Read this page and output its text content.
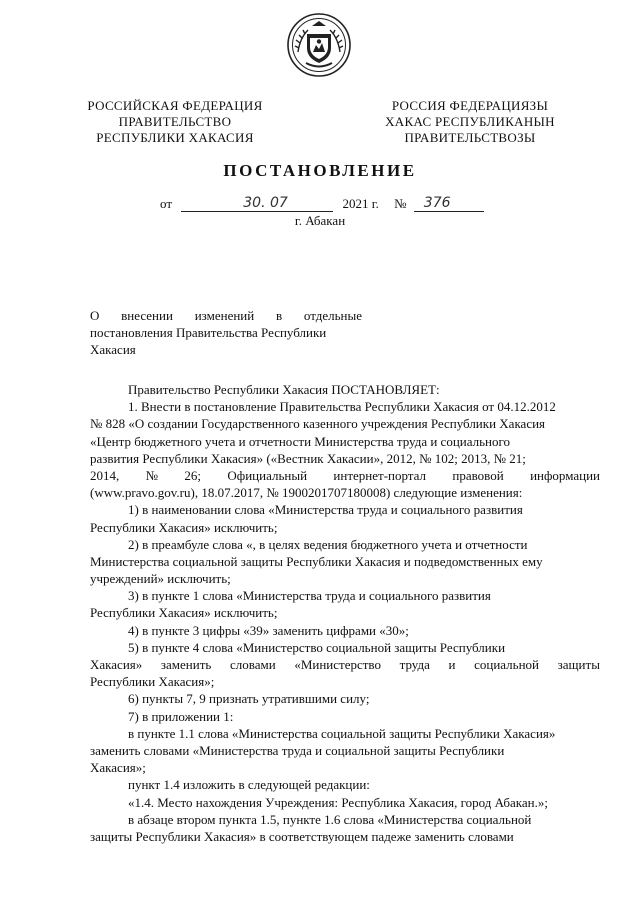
РОССИЙСКАЯ ФЕДЕРАЦИЯ
ПРАВИТЕЛЬСТВО
РЕСПУБЛИКИ ХАКАСИЯ
РОССИЯ ФЕДЕРАЦИЯЗЫ
ХАКАС РЕСПУБЛИКАНЫН
ПРАВИТЕЛЬСТВОЗЫ
ПОСТАНОВЛЕНИЕ
от	30. 07	2021 г. № 376
г. Абакан
О внесении изменений в отдельные
постановления Правительства Республики
Хакасия
Правительство Республики Хакасия ПОСТАНОВЛЯЕТ:
1. Внести в постановление Правительства Республики Хакасия от 04.12.2012
№ 828 «О создании Государственного казенного учреждения Республики Хакасия
«Центр бюджетного учета и отчетности Министерства труда и социального
развития Республики Хакасия» («Вестник Хакасии», 2012, № 102; 2013, № 21;
2014, № 26; Официальный интернет-портал правовой информации
(www.pravo.gov.ru), 18.07.2017, № 1900201707180008) следующие изменения:
1) в наименовании слова «Министерства труда и социального развития
Республики Хакасия» исключить;
2) в преамбуле слова «, в целях ведения бюджетного учета и отчетности
Министерства социальной защиты Республики Хакасия и подведомственных ему
учреждений» исключить;
3) в пункте 1 слова «Министерства труда и социального развития
Республики Хакасия» исключить;
4) в пункте 3 цифры «39» заменить цифрами «30»;
5) в пункте 4 слова «Министерство социальной защиты Республики
Хакасия» заменить словами «Министерство труда и социальной защиты
Республики Хакасия»;
6) пункты 7, 9 признать утратившими силу;
7) в приложении 1:
в пункте 1.1 слова «Министерства социальной защиты Республики Хакасия»
заменить словами «Министерства труда и социальной защиты Республики
Хакасия»;
пункт 1.4 изложить в следующей редакции:
«1.4. Место нахождения Учреждения: Республика Хакасия, город Абакан.»;
в абзаце втором пункта 1.5, пункте 1.6 слова «Министерства социальной
защиты Республики Хакасия» в соответствующем падеже заменить словами
